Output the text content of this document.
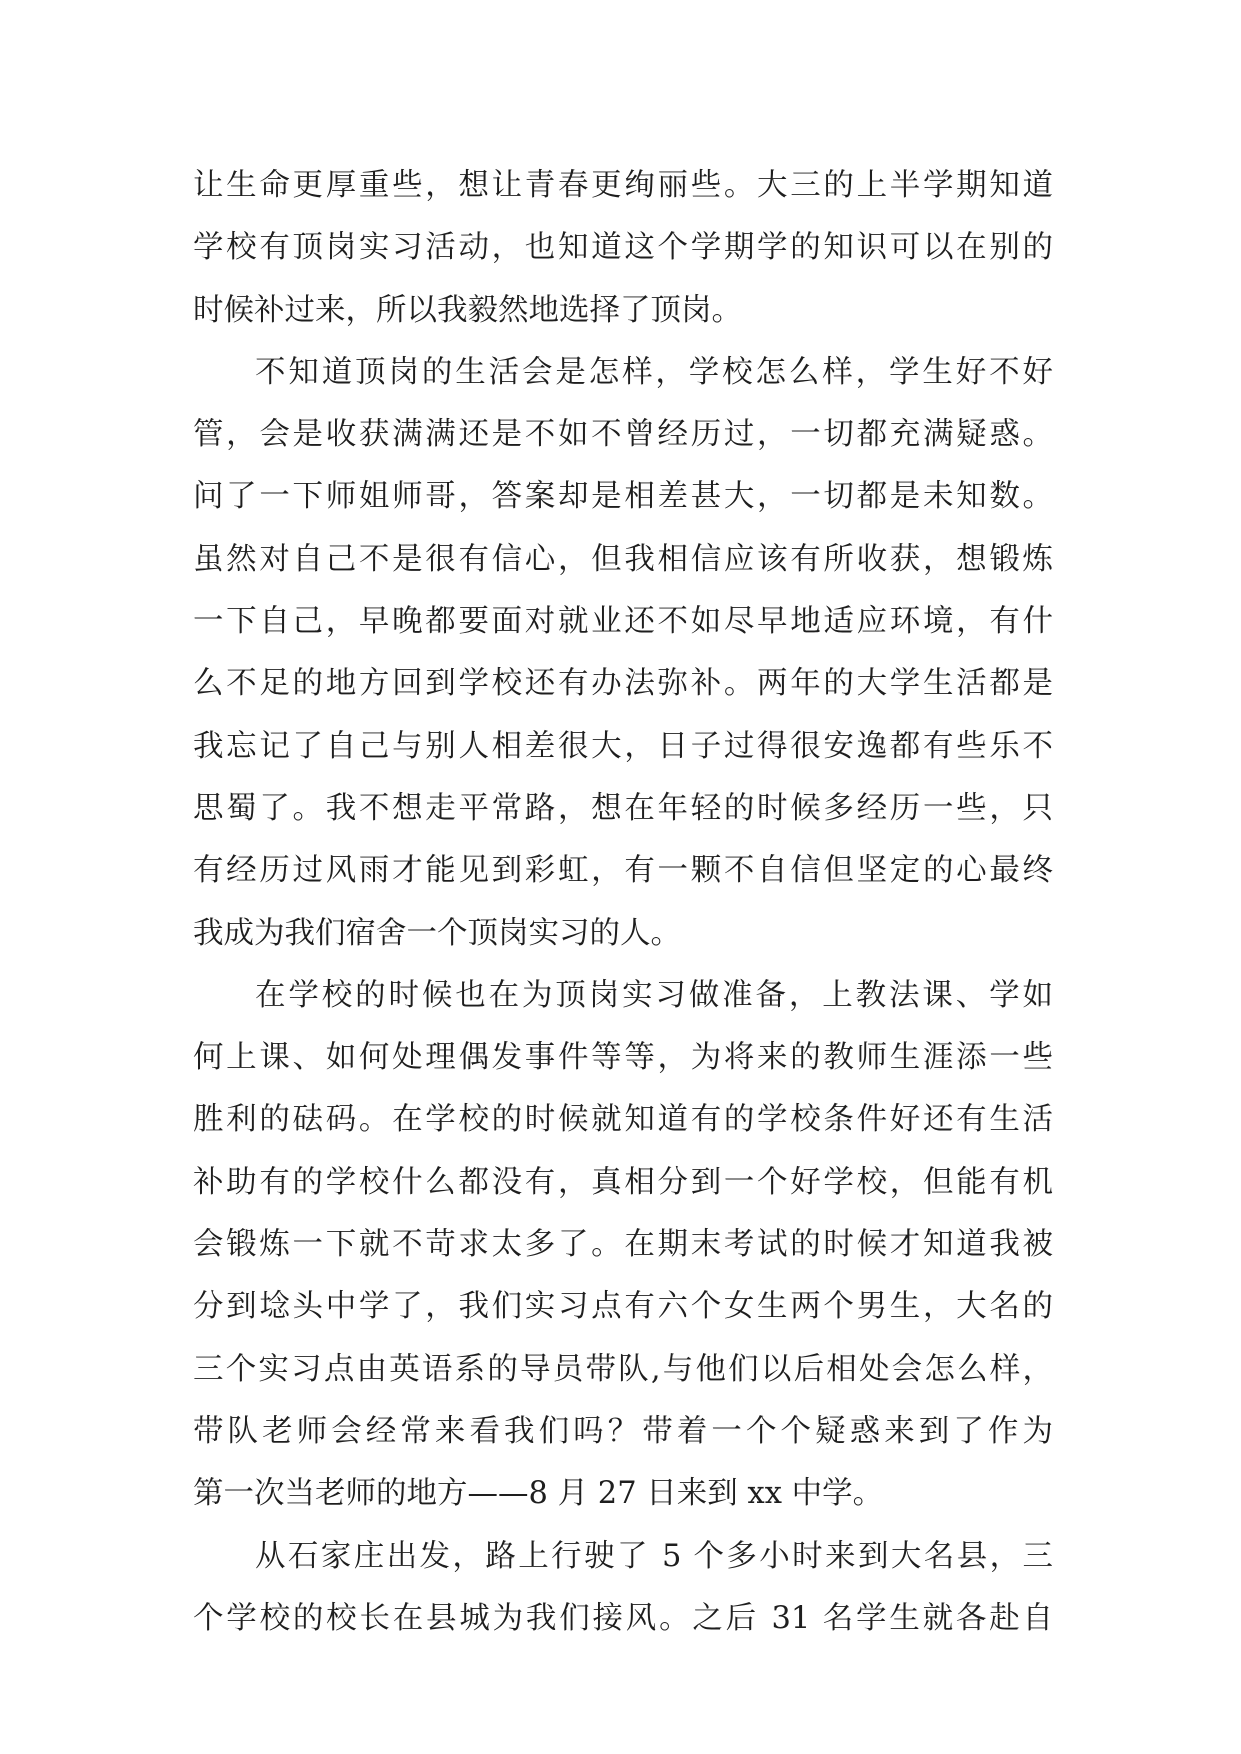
让生命更厚重些，想让青春更绚丽些。大三的上半学期知道
学校有顶岗实习活动，也知道这个学期学的知识可以在别的
时候补过来，所以我毅然地选择了顶岗。
不知道顶岗的生活会是怎样，学校怎么样，学生好不好
管，会是收获满满还是不如不曾经历过，一切都充满疑惑。
问了一下师姐师哥，答案却是相差甚大，一切都是未知数。
虽然对自己不是很有信心，但我相信应该有所收获，想锻炼
一下自己，早晚都要面对就业还不如尽早地适应环境，有什
么不足的地方回到学校还有办法弥补。两年的大学生活都是
我忘记了自己与别人相差很大，日子过得很安逸都有些乐不
思蜀了。我不想走平常路，想在年轻的时候多经历一些，只
有经历过风雨才能见到彩虹，有一颗不自信但坚定的心最终
我成为我们宿舍一个顶岗实习的人。
在学校的时候也在为顶岗实习做准备，上教法课、学如
何上课、如何处理偶发事件等等，为将来的教师生涯添一些
胜利的砝码。在学校的时候就知道有的学校条件好还有生活
补助有的学校什么都没有，真相分到一个好学校，但能有机
会锻炼一下就不苛求太多了。在期末考试的时候才知道我被
分到埝头中学了，我们实习点有六个女生两个男生，大名的
三个实习点由英语系的导员带队,与他们以后相处会怎么样，
带队老师会经常来看我们吗？带着一个个疑惑来到了作为
第一次当老师的地方——8 月 27 日来到 xx 中学。
从石家庄出发，路上行驶了 5 个多小时来到大名县，三
个学校的校长在县城为我们接风。之后 31 名学生就各赴自
